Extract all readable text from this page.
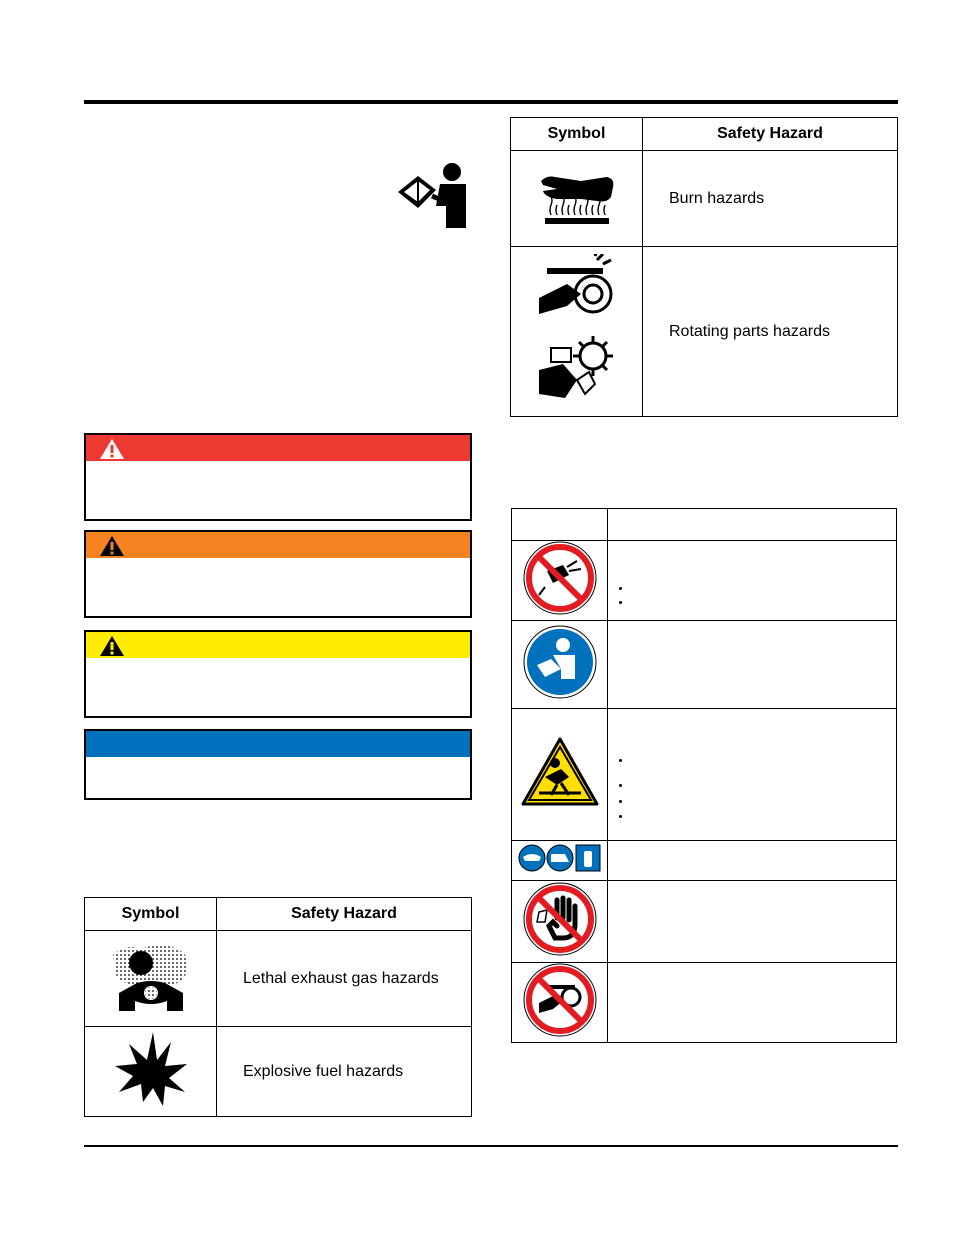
Symbol	Safety Hazard
	Burn hazards
	Rotating parts hazards

Symbol	Safety Hazard
	Lethal exhaust gas hazards
	Explosive fuel hazards
